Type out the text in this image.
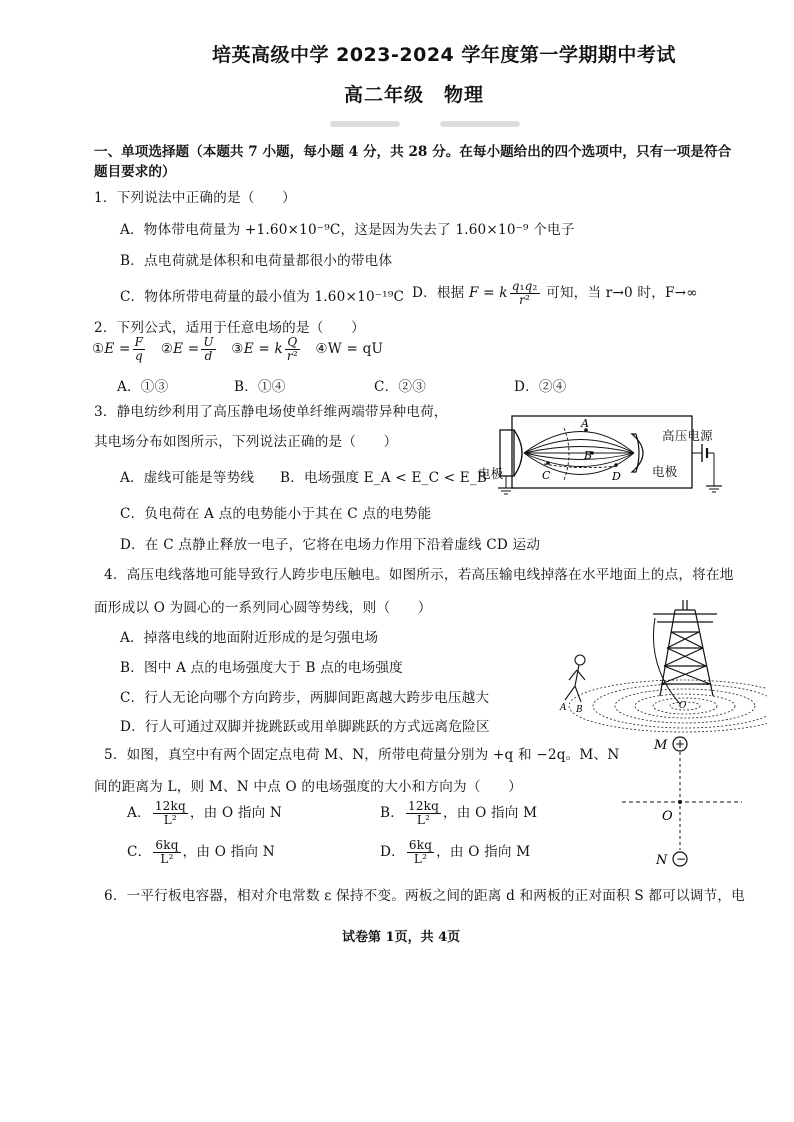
培英高级中学 2023-2024 学年度第一学期期中考试
高二年级　物理
一、单项选择题（本题共 7 小题，每小题 4 分，共 28 分。在每小题给出的四个选项中，只有一项是符合
题目要求的）
1．下列说法中正确的是（　　）
A．物体带电荷量为 +1.60×10⁻⁹C，这是因为失去了 1.60×10⁻⁹ 个电子
B．点电荷就是体积和电荷量都很小的带电体
C．物体所带电荷量的最小值为 1.60×10⁻¹⁹C D．根据 F = k $\frac{\text{q₁q₂}}{\text{r²}}$ 可知，当 r→0 时，F→∞
2．下列公式，适用于任意电场的是（　　）
①E = $\frac{F}{q}$ ②E = $\frac{U}{d}$ ③E = k $\frac{Q}{\text{r²}}$ ④W = qU
A．①③	B．①④	C．②③	D．②④
3．静电纺纱利用了高压静电场使单纤维两端带异种电荷，
其电场分布如图所示，下列说法正确的是（　　）
A．虚线可能是等势线 B．电场强度 E_A < E_C < E_B
C．负电荷在 A 点的电势能小于其在 C 点的电势能
D．在 C 点静止释放一电子，它将在电场力作用下沿着虚线 CD 运动
A
B
C	D
电极	电极
高压电源
4．高压电线落地可能导致行人跨步电压触电。如图所示，若高压输电线掉落在水平地面上的点，将在地
面形成以 O 为圆心的一系列同心圆等势线，则（　　）
A．掉落电线的地面附近形成的是匀强电场
B．图中 A 点的电场强度大于 B 点的电场强度
C．行人无论向哪个方向跨步，两脚间距离越大跨步电压越大
D．行人可通过双脚并拢跳跃或用单脚跳跃的方式远离危险区
A B	O
5．如图，真空中有两个固定点电荷 M、N，所带电荷量分别为 +q 和 −2q。M、N
间的距离为 L，则 M、N 中点 O 的电场强度的大小和方向为（　　）
A． $\frac{12kq}{\text{L²}}$ ，由 O 指向 N	B． $\frac{12kq}{\text{L²}}$ ，由 O 指向 M
C． $\frac{6kq}{\text{L²}}$ ，由 O 指向 N	D． $\frac{6kq}{\text{L²}}$ ，由 O 指向 M
+
−
M
O
N
6．一平行板电容器，相对介电常数 ε 保持不变。两板之间的距离 d 和两板的正对面积 S 都可以调节，电
试卷第 1页，共 4页
